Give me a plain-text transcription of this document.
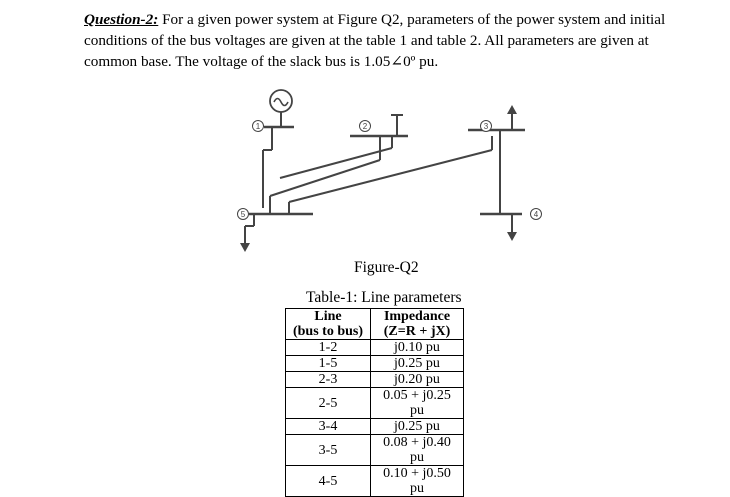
Question-2: For a given power system at Figure Q2, parameters of the power system and initial conditions of the bus voltages are given at the table 1 and table 2. All parameters are given at common base. The voltage of the slack bus is 1.05∠0º pu.
1	2	3
4
5
Figure-Q2
Table-1: Line parameters
Line	Impedance
(bus to bus)	(Z=R + jX)
1-2	j0.10 pu
1-5	j0.25 pu
2-3	j0.20 pu
2-5	0.05 + j0.25 pu
3-4	j0.25 pu
3-5	0.08 + j0.40 pu
4-5	0.10 + j0.50 pu
